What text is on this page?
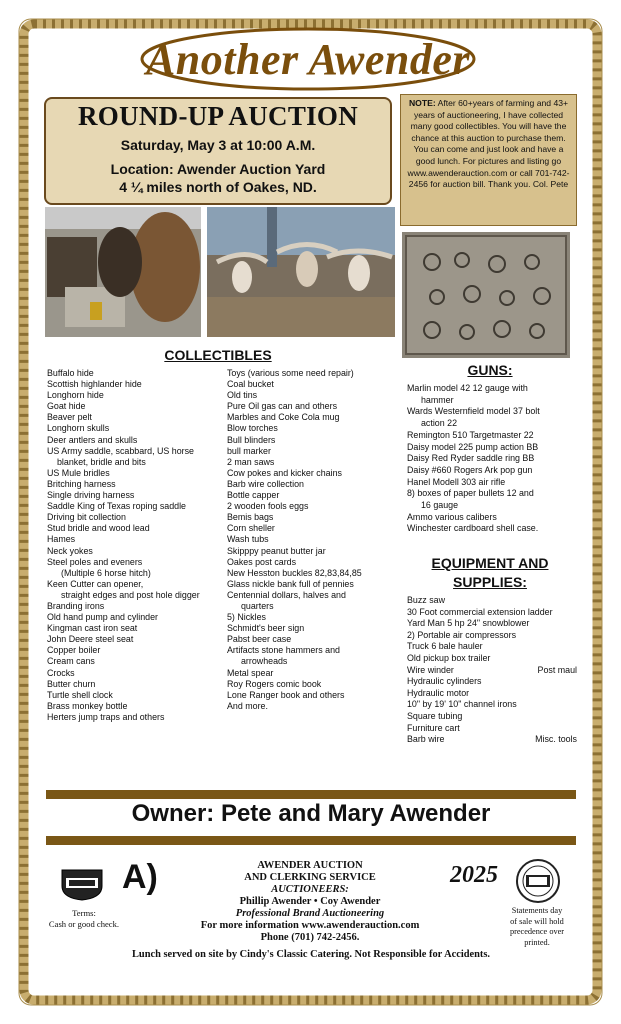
Another Awender
ROUND-UP AUCTION
Saturday, May 3 at 10:00 A.M.
Location: Awender Auction Yard
4 ¼ miles north of Oakes, ND.
NOTE: After 60+years of farming and 43+ years of auctioneering, I have collected many good collectibles. You will have the chance at this auction to purchase them. You can come and just look and have a good lunch. For pictures and listing go www.awenderauction.com or call 701-742-2456 for auction bill. Thank you. Col. Pete
COLLECTIBLES
Buffalo hide
Scottish highlander hide
Longhorn hide
Goat hide
Beaver pelt
Longhorn skulls
Deer antlers and skulls
US Army saddle, scabbard, US horse
blanket, bridle and bits
US Mule bridles
Britching harness
Single driving harness
Saddle King of Texas roping saddle
Driving bit collection
Stud bridle and wood lead
Hames
Neck yokes
Steel poles and eveners
(Multiple 6 horse hitch)
Keen Cutter can opener,
straight edges and post hole digger
Branding irons
Old hand pump and cylinder
Kingman cast iron seat
John Deere steel seat
Copper boiler
Cream cans
Crocks
Butter churn
Turtle shell clock
Brass monkey bottle
Herters jump traps and others
Toys (various some need repair)
Coal bucket
Old tins
Pure Oil gas can and others
Marbles and Coke Cola mug
Blow torches
Bull blinders
bull marker
2 man saws
Cow pokes and kicker chains
Barb wire collection
Bottle capper
2 wooden fools eggs
Bemis bags
Corn sheller
Wash tubs
Skipppy peanut butter jar
Oakes post cards
New Hesston buckles 82,83,84,85
Glass nickle bank full of pennies
Centennial dollars, halves and
quarters
5) Nickles
Schmidt's beer sign
Pabst beer case
Artifacts stone hammers and
arrowheads
Metal spear
Roy Rogers comic book
Lone Ranger book and others
And more.
GUNS:
Marlin model 42 12 gauge with
hammer
Wards Westernfield model 37 bolt
action 22
Remington 510 Targetmaster 22
Daisy model 225 pump action BB
Daisy Red Ryder saddle ring BB
Daisy #660 Rogers Ark pop gun
Hanel Modell 303 air rifle
8) boxes of paper bullets 12 and
16 gauge
Ammo various calibers
Winchester cardboard shell case.
EQUIPMENT AND
SUPPLIES:
Buzz saw
30 Foot commercial extension ladder
Yard Man 5 hp 24" snowblower
2) Portable air compressors
Truck 6 bale hauler
Old pickup box trailer
Wire winder	Post maul
Hydraulic cylinders
Hydraulic motor
10" by 19' 10" channel irons
Square tubing
Furniture cart
Barb wire	Misc. tools
Owner: Pete and Mary Awender
A)
Terms:
Cash or good check.
AWENDER AUCTION
AND CLERKING SERVICE
AUCTIONEERS:
Phillip Awender • Coy Awender
Professional Brand Auctioneering
For more information www.awenderauction.com
Phone (701) 742-2456.
2025
Statements day
of sale will hold
precedence over
printed.
Lunch served on site by Cindy's Classic Catering. Not Responsible for Accidents.
